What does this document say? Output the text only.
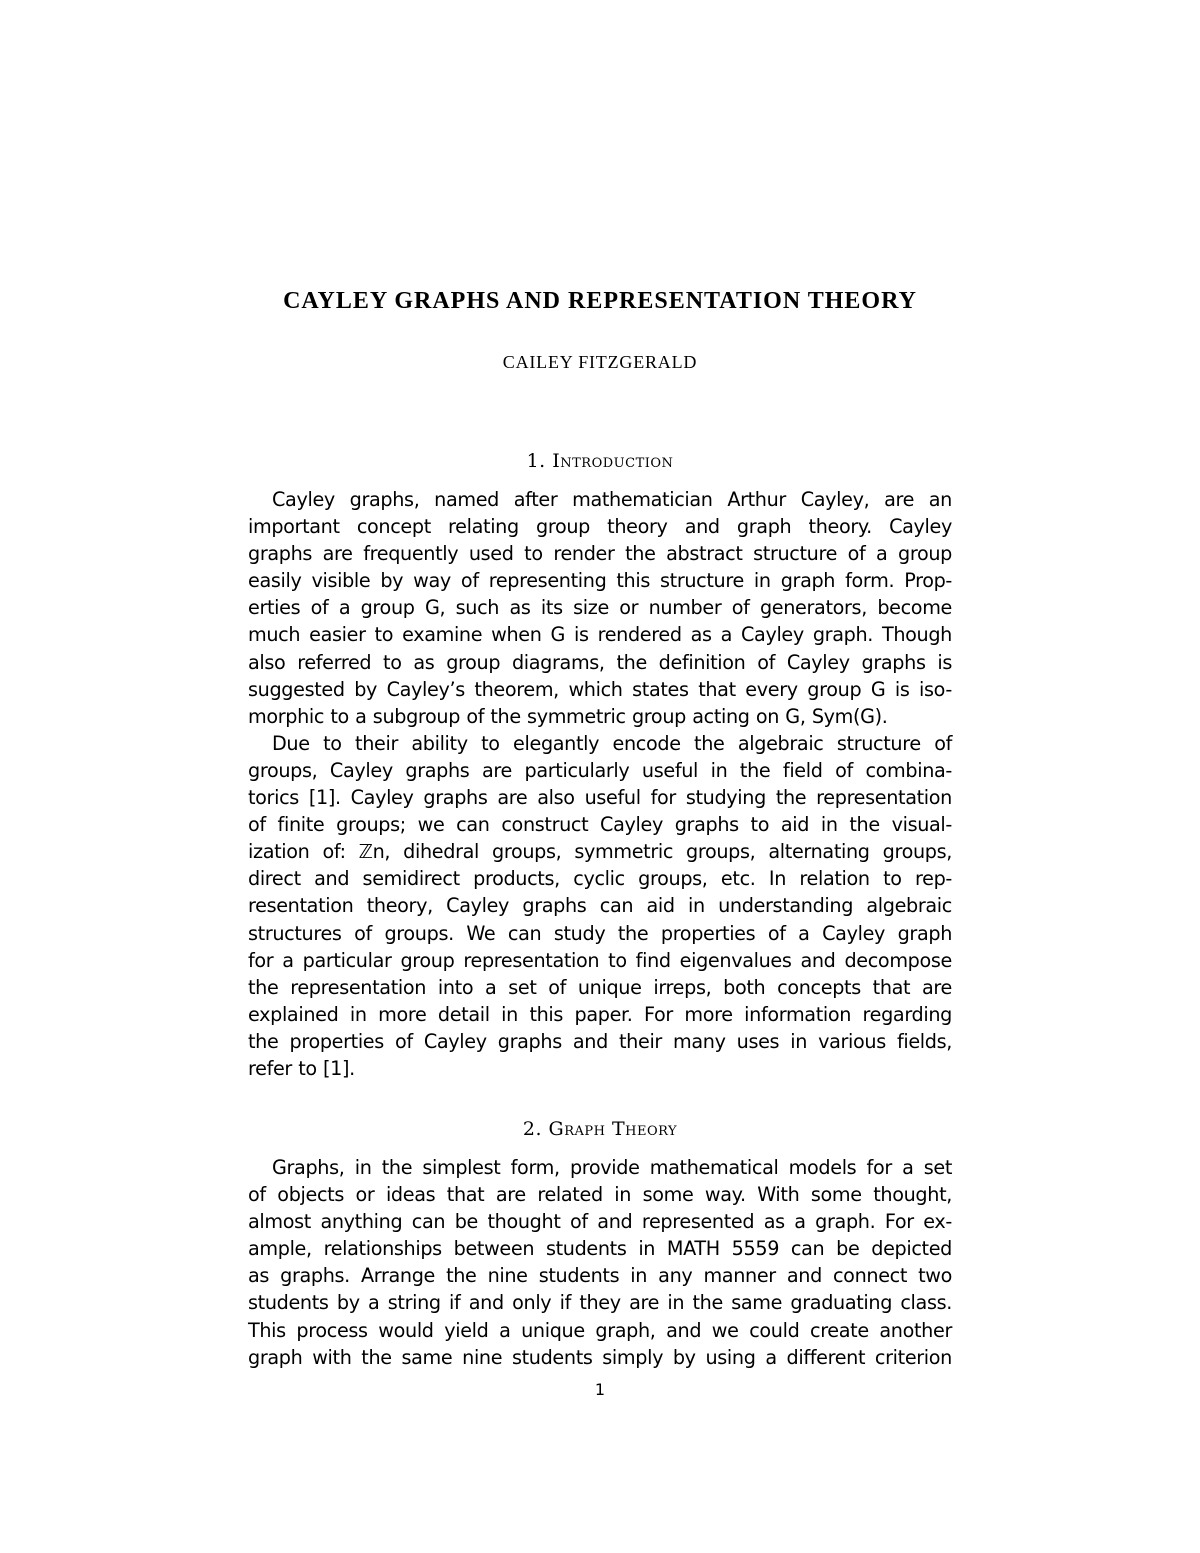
CAYLEY GRAPHS AND REPRESENTATION THEORY
CAILEY FITZGERALD
1. Introduction
Cayley graphs, named after mathematician Arthur Cayley, are an
important concept relating group theory and graph theory. Cayley
graphs are frequently used to render the abstract structure of a group
easily visible by way of representing this structure in graph form. Prop-
erties of a group G, such as its size or number of generators, become
much easier to examine when G is rendered as a Cayley graph. Though
also referred to as group diagrams, the definition of Cayley graphs is
suggested by Cayley’s theorem, which states that every group G is iso-
morphic to a subgroup of the symmetric group acting on G, Sym(G).
Due to their ability to elegantly encode the algebraic structure of
groups, Cayley graphs are particularly useful in the field of combina-
torics [1]. Cayley graphs are also useful for studying the representation
of finite groups; we can construct Cayley graphs to aid in the visual-
ization of: ℤn, dihedral groups, symmetric groups, alternating groups,
direct and semidirect products, cyclic groups, etc. In relation to rep-
resentation theory, Cayley graphs can aid in understanding algebraic
structures of groups. We can study the properties of a Cayley graph
for a particular group representation to find eigenvalues and decompose
the representation into a set of unique irreps, both concepts that are
explained in more detail in this paper. For more information regarding
the properties of Cayley graphs and their many uses in various fields,
refer to [1].
2. Graph Theory
Graphs, in the simplest form, provide mathematical models for a set
of objects or ideas that are related in some way. With some thought,
almost anything can be thought of and represented as a graph. For ex-
ample, relationships between students in MATH 5559 can be depicted
as graphs. Arrange the nine students in any manner and connect two
students by a string if and only if they are in the same graduating class.
This process would yield a unique graph, and we could create another
graph with the same nine students simply by using a different criterion
1
